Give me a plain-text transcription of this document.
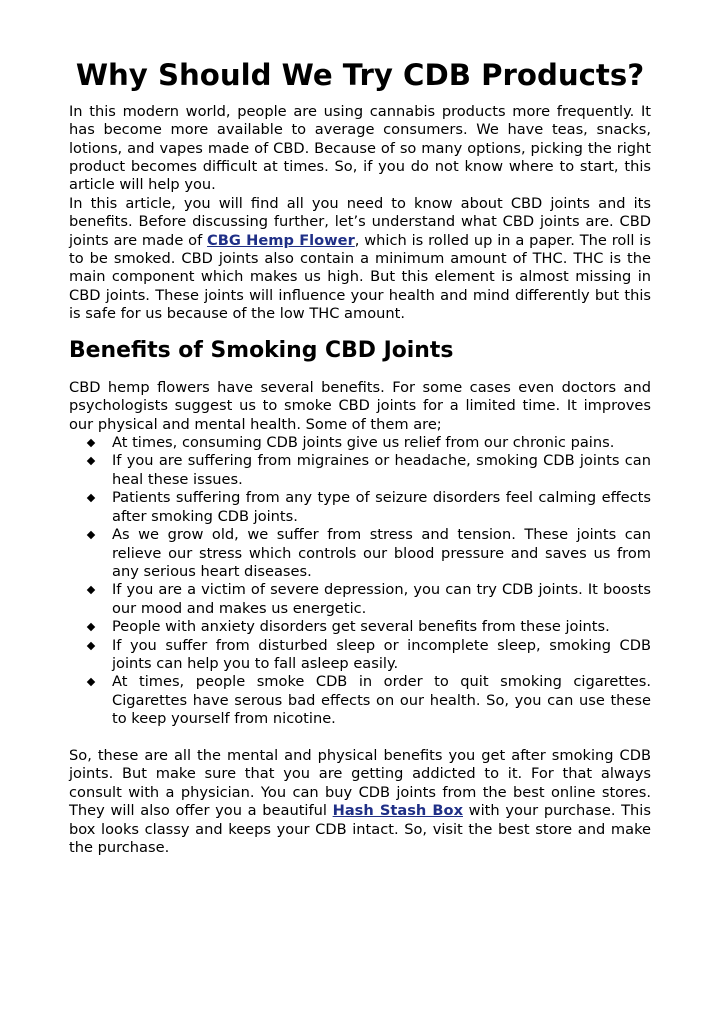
Why Should We Try CDB Products?

In this modern world, people are using cannabis products more frequently. It has become more available to average consumers. We have teas, snacks, lotions, and vapes made of CBD. Because of so many options, picking the right product becomes difficult at times. So, if you do not know where to start, this article will help you.

In this article, you will find all you need to know about CBD joints and its benefits. Before discussing further, let’s understand what CBD joints are. CBD joints are made of CBG Hemp Flower, which is rolled up in a paper. The roll is to be smoked. CBD joints also contain a minimum amount of THC. THC is the main component which makes us high. But this element is almost missing in CBD joints. These joints will influence your health and mind differently but this is safe for us because of the low THC amount.

Benefits of Smoking CBD Joints

CBD hemp flowers have several benefits. For some cases even doctors and psychologists suggest us to smoke CBD joints for a limited time. It improves our physical and mental health. Some of them are;

At times, consuming CDB joints give us relief from our chronic pains.
If you are suffering from migraines or headache, smoking CDB joints can heal these issues.
Patients suffering from any type of seizure disorders feel calming effects after smoking CDB joints.
As we grow old, we suffer from stress and tension. These joints can relieve our stress which controls our blood pressure and saves us from any serious heart diseases.
If you are a victim of severe depression, you can try CDB joints. It boosts our mood and makes us energetic.
People with anxiety disorders get several benefits from these joints.
If you suffer from disturbed sleep or incomplete sleep, smoking CDB joints can help you to fall asleep easily.
At times, people smoke CDB in order to quit smoking cigarettes. Cigarettes have serous bad effects on our health. So, you can use these to keep yourself from nicotine.

So, these are all the mental and physical benefits you get after smoking CDB joints. But make sure that you are getting addicted to it. For that always consult with a physician. You can buy CDB joints from the best online stores. They will also offer you a beautiful Hash Stash Box with your purchase. This box looks classy and keeps your CDB intact. So, visit the best store and make the purchase.
